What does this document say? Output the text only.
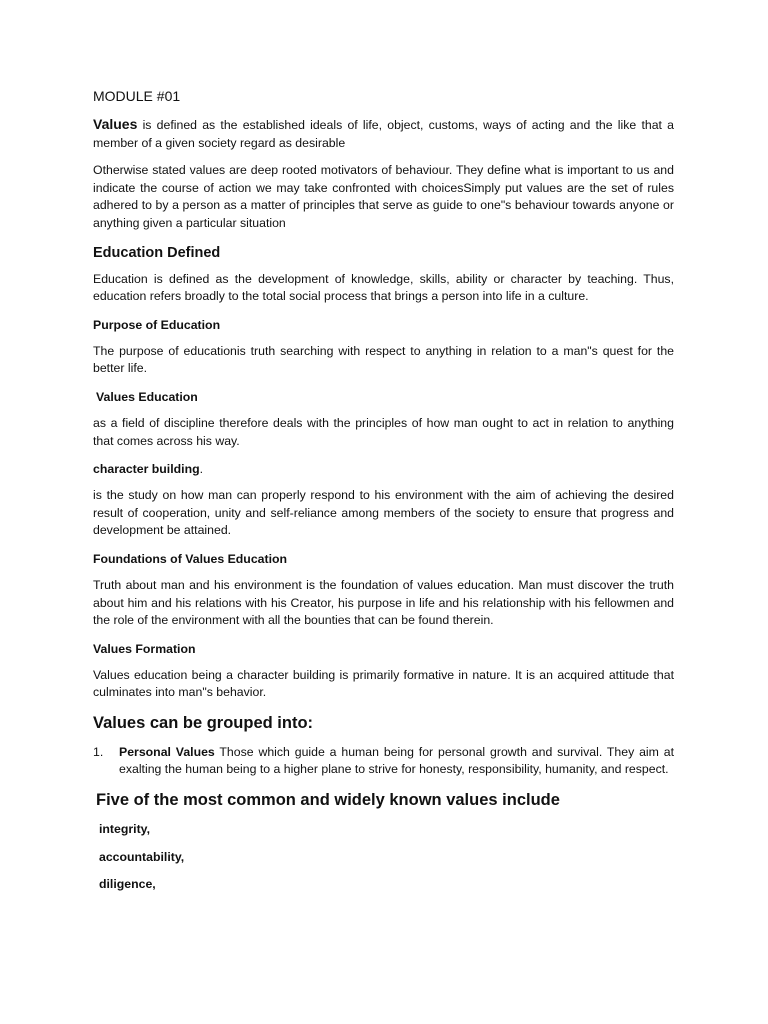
MODULE #01

Values is defined as the established ideals of life, object, customs, ways of acting and the like that a member of a given society regard as desirable

Otherwise stated values are deep rooted motivators of behaviour. They define what is important to us and indicate the course of action we may take confronted with choicesSimply put values are the set of rules adhered to by a person as a matter of principles that serve as guide to one"s behaviour towards anyone or anything given a particular situation

Education Defined

Education is defined as the development of knowledge, skills, ability or character by teaching. Thus, education refers broadly to the total social process that brings a person into life in a culture.

Purpose of Education

The purpose of educationis truth searching with respect to anything in relation to a man"s quest for the better life.

Values Education

as a field of discipline therefore deals with the principles of how man ought to act in relation to anything that comes across his way.

character building.

is the study on how man can properly respond to his environment with the aim of achieving the desired result of cooperation, unity and self-reliance among members of the society to ensure that progress and development be attained.

Foundations of Values Education

Truth about man and his environment is the foundation of values education. Man must discover the truth about him and his relations with his Creator, his purpose in life and his relationship with his fellowmen and the role of the environment with all the bounties that can be found therein.

Values Formation

Values education being a character building is primarily formative in nature. It is an acquired attitude that culminates into man"s behavior.

Values can be grouped into:
1.	Personal Values Those which guide a human being for personal growth and survival. They aim at exalting the human being to a higher plane to strive for honesty, responsibility, humanity, and respect.
Five of the most common and widely known values include
integrity,
accountability,
diligence,
